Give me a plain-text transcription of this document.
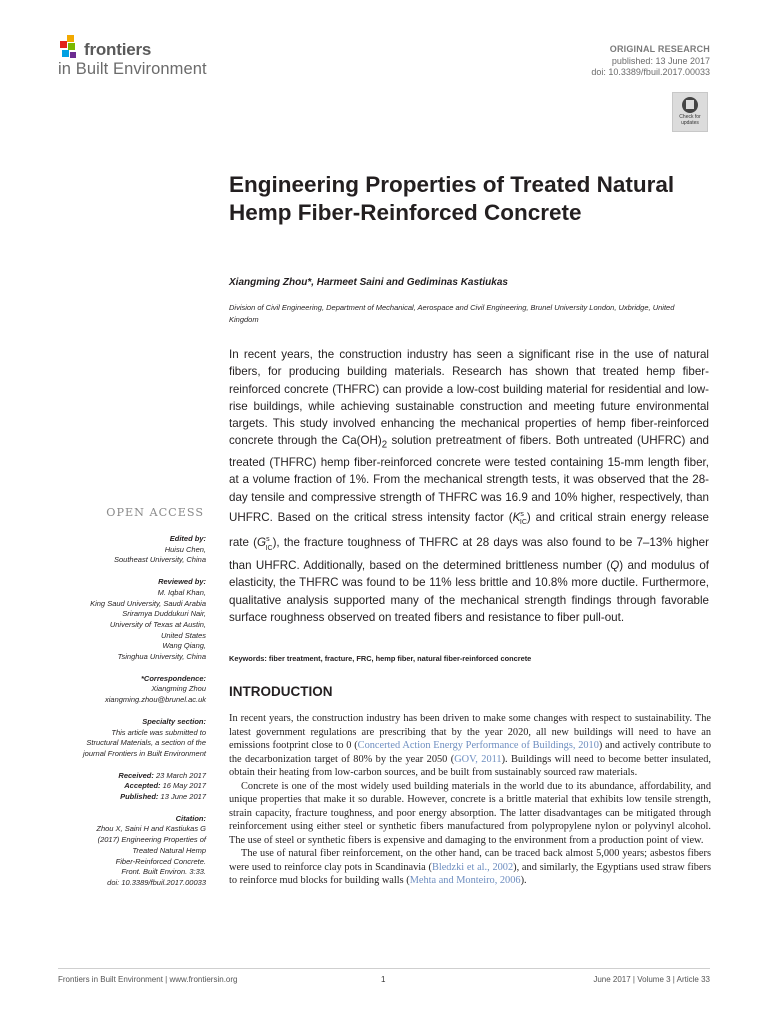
frontiers
in Built Environment
ORIGINAL RESEARCH
published: 13 June 2017
doi: 10.3389/fbuil.2017.00033
Check for updates
Engineering Properties of Treated Natural Hemp Fiber-Reinforced Concrete
Xiangming Zhou*, Harmeet Saini and Gediminas Kastiukas
Division of Civil Engineering, Department of Mechanical, Aerospace and Civil Engineering, Brunel University London, Uxbridge, United Kingdom
In recent years, the construction industry has seen a significant rise in the use of natural fibers, for producing building materials. Research has shown that treated hemp fiber-reinforced concrete (THFRC) can provide a low-cost building material for residential and low-rise buildings, while achieving sustainable construction and meeting future environmental targets. This study involved enhancing the mechanical properties of hemp fiber-reinforced concrete through the $Ca(OH)_2$ solution pretreatment of fibers. Both untreated (UHFRC) and treated (THFRC) hemp fiber-reinforced concrete were tested containing 15-mm length fiber, at a volume fraction of 1%. From the mechanical strength tests, it was observed that the 28-day tensile and compressive strength of THFRC was 16.9 and 10% higher, respectively, than UHFRC. Based on the critical stress intensity factor $(K^s_{IC})$ and critical strain energy release rate $(G^s_{IC})$, the fracture toughness of THFRC at 28 days was also found to be 7–13% higher than UHFRC. Additionally, based on the determined brittleness number (Q) and modulus of elasticity, the THFRC was found to be 11% less brittle and 10.8% more ductile. Furthermore, qualitative analysis supported many of the mechanical strength findings through favorable surface roughness observed on treated fibers and resistance to fiber pull-out.
Keywords: fiber treatment, fracture, FRC, hemp fiber, natural fiber-reinforced concrete
OPEN ACCESS
Edited by:
Huisu Chen,
Southeast University, China
Reviewed by:
M. Iqbal Khan,
King Saud University, Saudi Arabia
Sriramya Duddukuri Nair,
University of Texas at Austin,
United States
Wang Qiang,
Tsinghua University, China
*Correspondence:
Xiangming Zhou
xiangming.zhou@brunel.ac.uk
Specialty section:
This article was submitted to
Structural Materials, a section of the
journal Frontiers in Built Environment
Received: 23 March 2017
Accepted: 16 May 2017
Published: 13 June 2017
Citation:
Zhou X, Saini H and Kastiukas G
(2017) Engineering Properties of
Treated Natural Hemp
Fiber-Reinforced Concrete.
Front. Built Environ. 3:33.
doi: 10.3389/fbuil.2017.00033
INTRODUCTION

In recent years, the construction industry has been driven to make some changes with respect to sustainability. The latest government regulations are prescribing that by the year 2020, all new buildings will need to have an emissions footprint close to 0 (Concerted Action Energy Performance of Buildings, 2010) and actively contribute to the decarbonization target of 80% by the year 2050 (GOV, 2011). Buildings will need to become better insulated, obtain their heating from low-carbon sources, and be built from sustainably sourced raw materials.

Concrete is one of the most widely used building materials in the world due to its abundance, affordability, and unique properties that make it so durable. However, concrete is a brittle material that exhibits low tensile strength, strain capacity, fracture toughness, and poor energy absorption. The latter disadvantages can be mitigated through reinforcement using either steel or synthetic fibers manufactured from polypropylene nylon or polyvinyl alcohol. The use of steel or synthetic fibers is expensive and damaging to the environment from a production point of view.

The use of natural fiber reinforcement, on the other hand, can be traced back almost 5,000 years; asbestos fibers were used to reinforce clay pots in Scandinavia (Bledzki et al., 2002), and similarly, the Egyptians used straw fibers to reinforce mud blocks for building walls (Mehta and Monteiro, 2006).

Frontiers in Built Environment | www.frontiersin.org	1	June 2017 | Volume 3 | Article 33
